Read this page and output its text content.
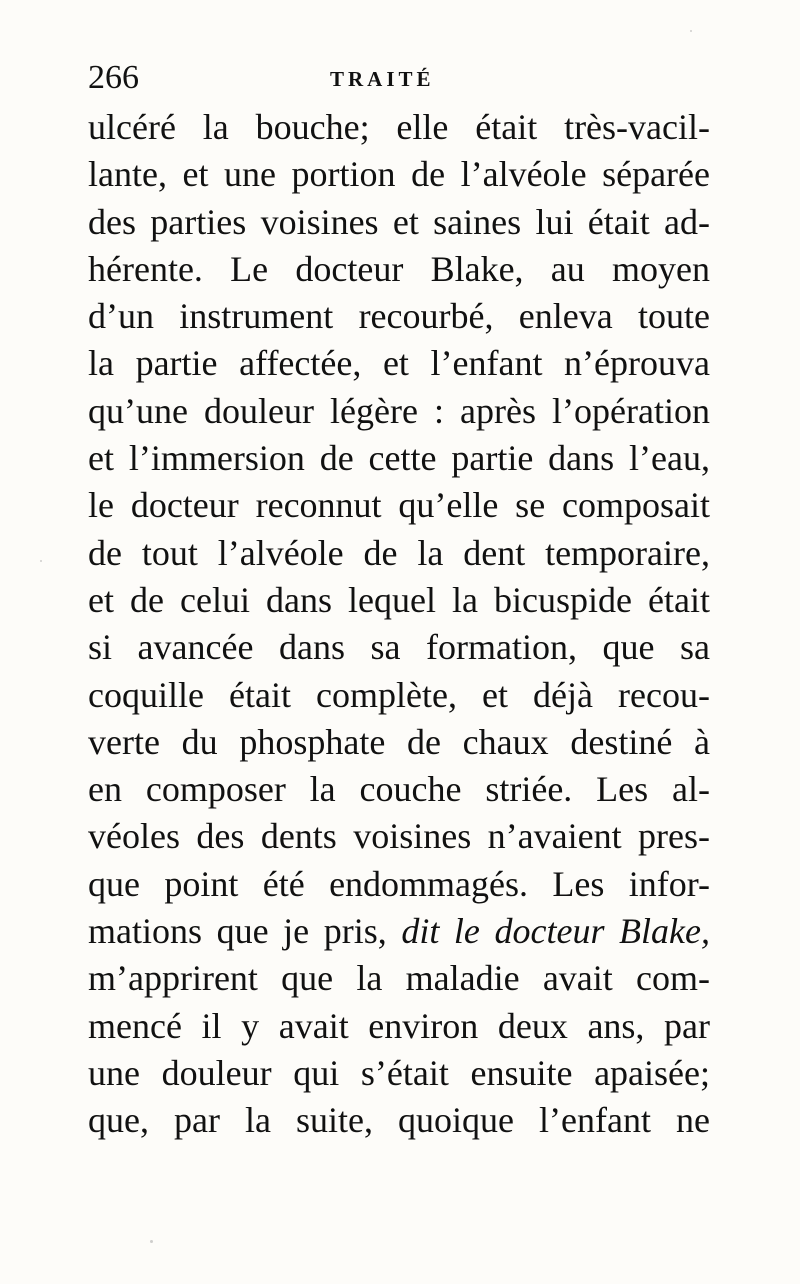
266	TRAITÉ
ulcéré la bouche; elle était très-vacil-
lante, et une portion de l’alvéole séparée
des parties voisines et saines lui était ad-
hérente. Le docteur Blake, au moyen
d’un instrument recourbé, enleva toute
la partie affectée, et l’enfant n’éprouva
qu’une douleur légère : après l’opération
et l’immersion de cette partie dans l’eau,
le docteur reconnut qu’elle se composait
de tout l’alvéole de la dent temporaire,
et de celui dans lequel la bicuspide était
si avancée dans sa formation, que sa
coquille était complète, et déjà recou-
verte du phosphate de chaux destiné à
en composer la couche striée. Les al-
véoles des dents voisines n’avaient pres-
que point été endommagés. Les infor-
mations que je pris, dit le docteur Blake,
m’apprirent que la maladie avait com-
mencé il y avait environ deux ans, par
une douleur qui s’était ensuite apaisée;
que, par la suite, quoique l’enfant ne
